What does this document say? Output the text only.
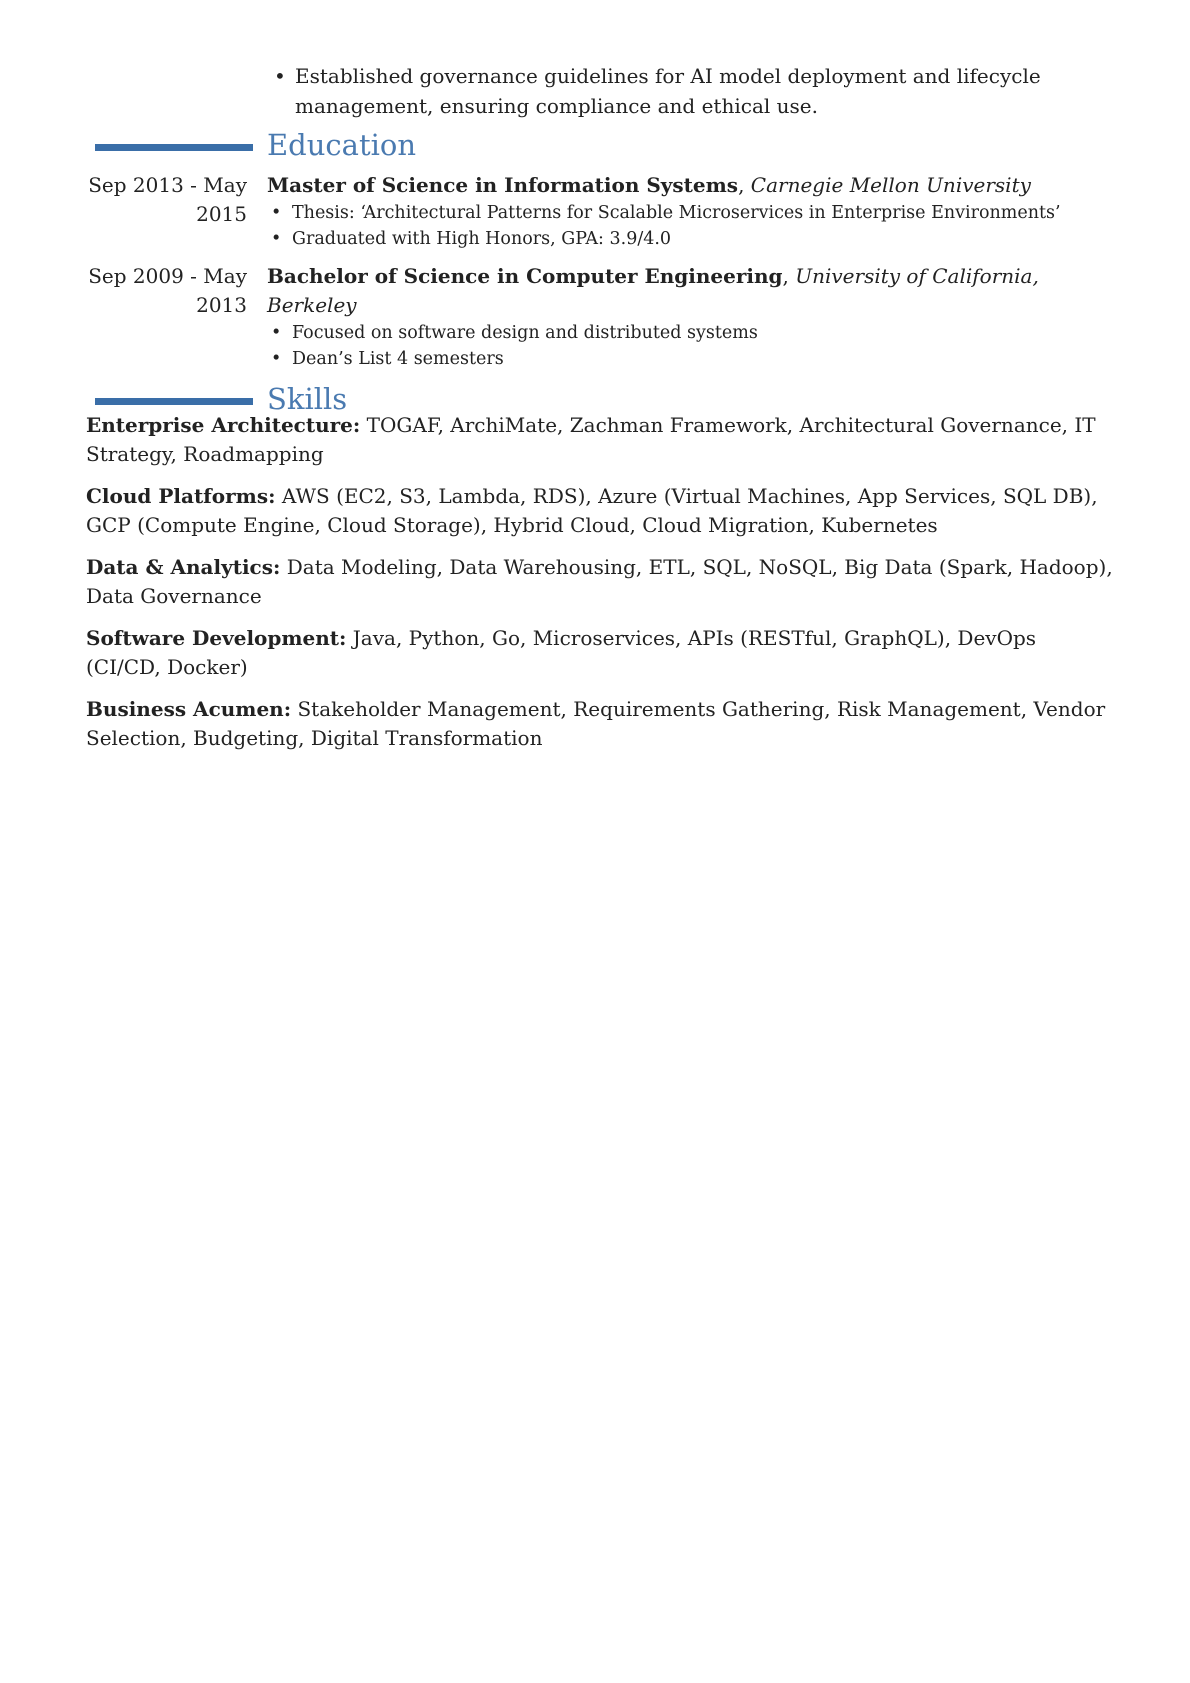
• Established governance guidelines for AI model deployment and lifecycle management, ensuring compliance and ethical use.
Education
Sep 2013 - May 2015
Master of Science in Information Systems, Carnegie Mellon University
• Thesis: ‘Architectural Patterns for Scalable Microservices in Enterprise Environments’
• Graduated with High Honors, GPA: 3.9/4.0
Sep 2009 - May 2013
Bachelor of Science in Computer Engineering, University of California, Berkeley
• Focused on software design and distributed systems
• Dean’s List 4 semesters
Skills
Enterprise Architecture: TOGAF, ArchiMate, Zachman Framework, Architectural Governance, IT Strategy, Roadmapping
Cloud Platforms: AWS (EC2, S3, Lambda, RDS), Azure (Virtual Machines, App Services, SQL DB), GCP (Compute Engine, Cloud Storage), Hybrid Cloud, Cloud Migration, Kubernetes
Data & Analytics: Data Modeling, Data Warehousing, ETL, SQL, NoSQL, Big Data (Spark, Hadoop), Data Governance
Software Development: Java, Python, Go, Microservices, APIs (RESTful, GraphQL), DevOps (CI/CD, Docker)
Business Acumen: Stakeholder Management, Requirements Gathering, Risk Management, Vendor Selection, Budgeting, Digital Transformation
